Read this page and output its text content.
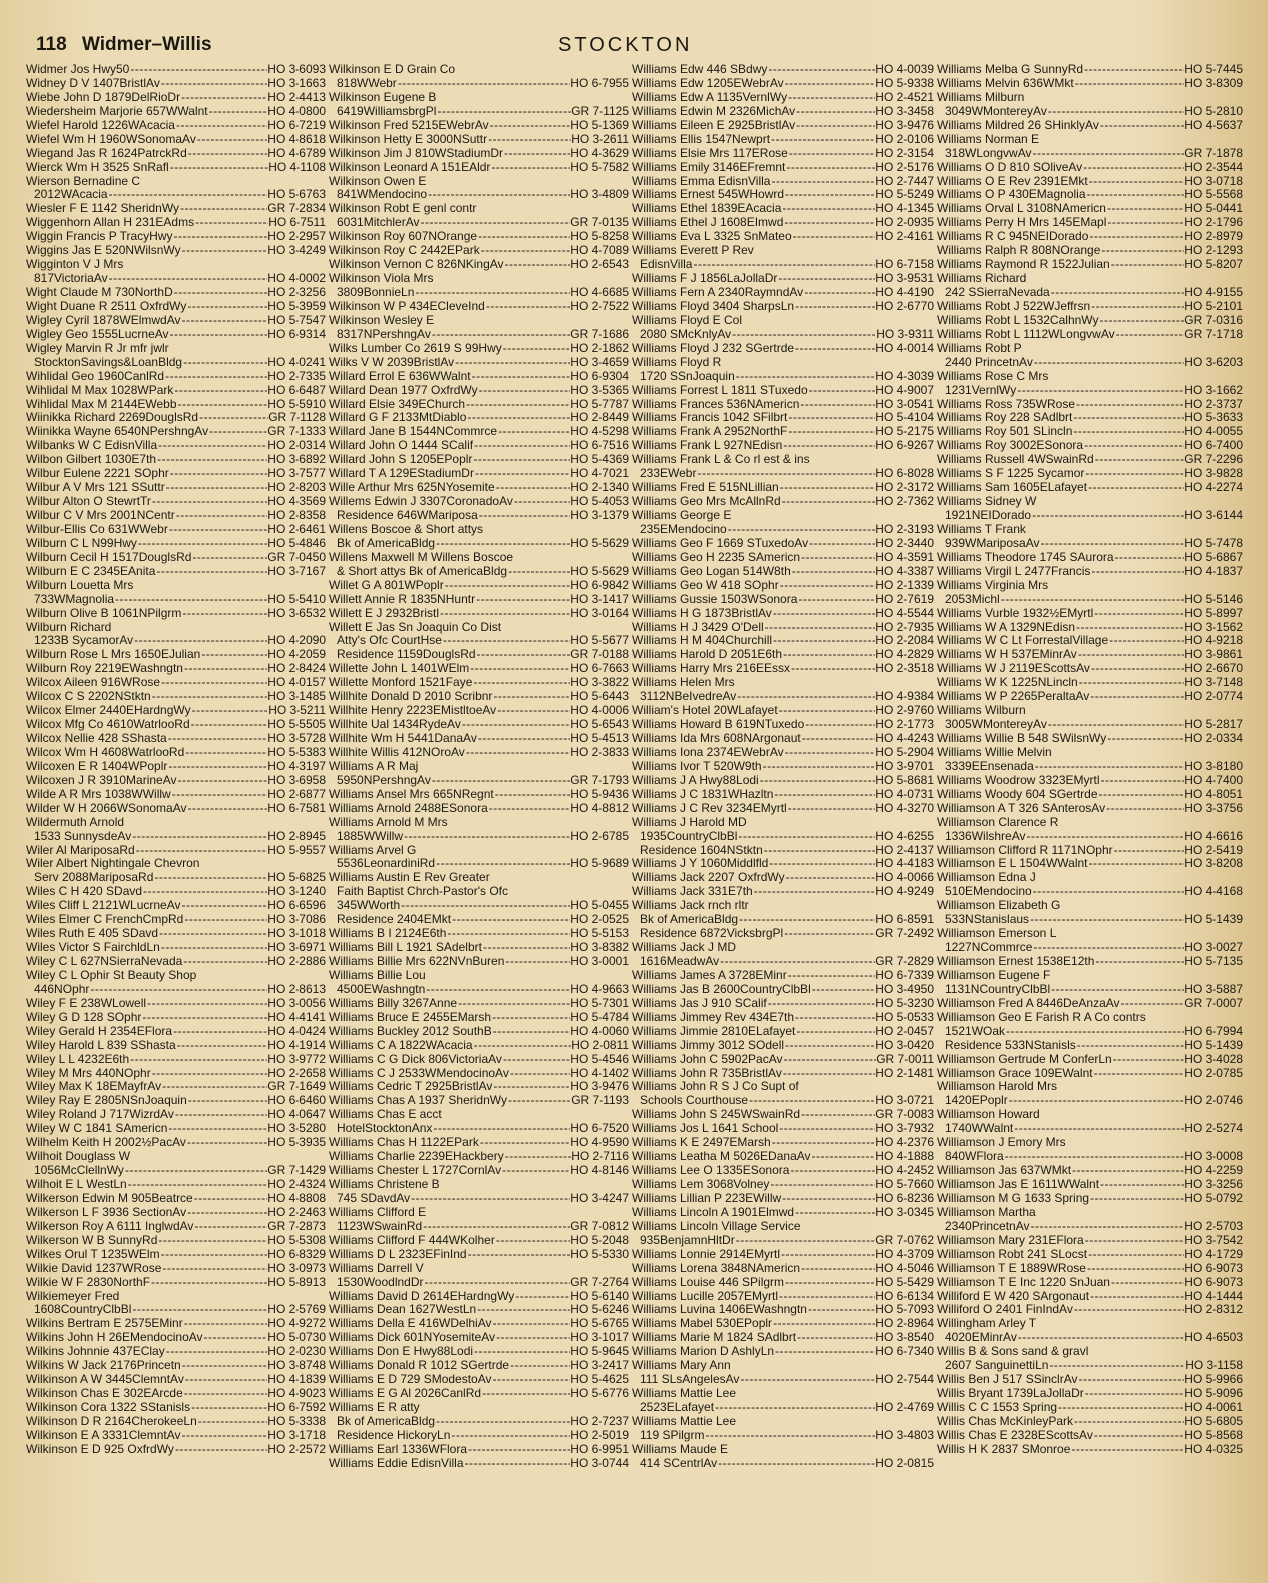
118 Widmer–Willis	STOCKTON
Widmer Jos Hwy50 -----	HO 3-6093
Widney D V 1407BristlAv -----	HO 3-1663
Wiebe John D 1879DelRioDr -----	HO 2-4413
Wiedersheim Marjorie 657WWalnt -----	HO 4-0800
Wiefel Harold 1226WAcacia -----	HO 6-7219
Wiefel Wm H 1960WSonomaAv -----	HO 4-8618
Wiegand Jas R 1624PatrckRd -----	HO 4-6789
Wierck Wm H 3525 SnRafl -----	HO 4-1108
Wierson Bernadine C
2012WAcacia -----	HO 5-6763
Wiesler F E 1142 SheridnWy -----	GR 7-2834
Wiggenhorn Allan H 231EAdms -----	HO 6-7511
Wiggin Francis P TracyHwy -----	HO 2-2957
Wiggins Jas E 520NWilsnWy -----	HO 3-4249
Wigginton V J Mrs
817VictoriaAv -----	HO 4-0002
Wight Claude M 730NorthD -----	HO 2-3256
Wight Duane R 2511 OxfrdWy -----	HO 5-3959
Wigley Cyril 1878WElmwdAv -----	HO 5-7547
Wigley Geo 1555LucrneAv -----	HO 6-9314
Wigley Marvin R Jr mfr jwlr
StocktonSavings&LoanBldg -----	HO 4-0241
Wihlidal Geo 1960CanlRd -----	HO 2-7335
Wihlidal M Max 1028WPark -----	HO 6-6487
Wihlidal Max M 2144EWebb -----	HO 5-5910
Wiinikka Richard 2269DouglsRd -----	GR 7-1128
Wiinikka Wayne 6540NPershngAv -----	GR 7-1333
Wilbanks W C EdisnVilla -----	HO 2-0314
Wilbon Gilbert 1030E7th -----	HO 3-6892
Wilbur Eulene 2221 SOphr -----	HO 3-7577
Wilbur A V Mrs 121 SSuttr -----	HO 2-8203
Wilbur Alton O StewrtTr -----	HO 4-3569
Wilbur C V Mrs 2001NCentr -----	HO 2-8358
Wilbur-Ellis Co 631WWebr -----	HO 2-6461
Wilburn C L N99Hwy -----	HO 5-4846
Wilburn Cecil H 1517DouglsRd -----	GR 7-0450
Wilburn E C 2345EAnita -----	HO 3-7167
Wilburn Louetta Mrs
733WMagnolia -----	HO 5-5410
Wilburn Olive B 1061NPilgrm -----	HO 3-6532
Wilburn Richard
1233B SycamorAv -----	HO 4-2090
Wilburn Rose L Mrs 1650EJulian -----	HO 4-2059
Wilburn Roy 2219EWashngtn -----	HO 2-8424
Wilcox Aileen 916WRose -----	HO 4-0157
Wilcox C S 2202NStktn -----	HO 3-1485
Wilcox Elmer 2440EHardngWy -----	HO 3-5211
Wilcox Mfg Co 4610WatrlooRd -----	HO 5-5505
Wilcox Nellie 428 SShasta -----	HO 3-5728
Wilcox Wm H 4608WatrlooRd -----	HO 5-5383
Wilcoxen E R 1404WPoplr -----	HO 4-3197
Wilcoxen J R 3910MarineAv -----	HO 3-6958
Wilde A R Mrs 1038WWillw -----	HO 2-6877
Wilder W H 2066WSonomaAv -----	HO 6-7581
Wildermuth Arnold
1533 SunnysdeAv -----	HO 2-8945
Wiler Al MariposaRd -----	HO 5-9557
Wiler Albert Nightingale Chevron
Serv 2088MariposaRd -----	HO 5-6825
Wiles C H 420 SDavd -----	HO 3-1240
Wiles Cliff L 2121WLucrneAv -----	HO 6-6596
Wiles Elmer C FrenchCmpRd -----	HO 3-7086
Wiles Ruth E 405 SDavd -----	HO 3-1018
Wiles Victor S FairchldLn -----	HO 3-6971
Wiley C L 627NSierraNevada -----	HO 2-2886
Wiley C L Ophir St Beauty Shop
446NOphr -----	HO 2-8613
Wiley F E 238WLowell -----	HO 3-0056
Wiley G D 128 SOphr -----	HO 4-4141
Wiley Gerald H 2354EFlora -----	HO 4-0424
Wiley Harold L 839 SShasta -----	HO 4-1914
Wiley L L 4232E6th -----	HO 3-9772
Wiley M Mrs 440NOphr -----	HO 2-2658
Wiley Max K 18EMayfrAv -----	GR 7-1649
Wiley Ray E 2805NSnJoaquin -----	HO 6-6460
Wiley Roland J 717WizrdAv -----	HO 4-0647
Wiley W C 1841 SAmericn -----	HO 3-5280
Wilhelm Keith H 2002½PacAv -----	HO 5-3935
Wilhoit Douglass W
1056McClellnWy -----	GR 7-1429
Wilhoit E L WestLn -----	HO 2-4324
Wilkerson Edwin M 905Beatrce -----	HO 4-8808
Wilkerson L F 3936 SectionAv -----	HO 2-2463
Wilkerson Roy A 6111 InglwdAv -----	GR 7-2873
Wilkerson W B SunnyRd -----	HO 5-5308
Wilkes Orul T 1235WElm -----	HO 6-8329
Wilkie David 1237WRose -----	HO 3-0973
Wilkie W F 2830NorthF -----	HO 5-8913
Wilkiemeyer Fred
1608CountryClbBl -----	HO 2-5769
Wilkins Bertram E 2575EMinr -----	HO 4-9272
Wilkins John H 26EMendocinoAv -----	HO 5-0730
Wilkins Johnnie 437EClay -----	HO 2-0230
Wilkins W Jack 2176Princetn -----	HO 3-8748
Wilkinson A W 3445ClemntAv -----	HO 4-1839
Wilkinson Chas E 302EArcde -----	HO 4-9023
Wilkinson Cora 1322 SStanisls -----	HO 6-7592
Wilkinson D R 2164CherokeeLn -----	HO 5-3338
Wilkinson E A 3331ClemntAv -----	HO 3-1718
Wilkinson E D 925 OxfrdWy -----	HO 2-2572
Wilkinson E D Grain Co
818WWebr -----	HO 6-7955
Wilkinson Eugene B
6419WilliamsbrgPl -----	GR 7-1125
Wilkinson Fred 5215EWebrAv -----	HO 5-1369
Wilkinson Hetty E 3000NSuttr -----	HO 3-2611
Wilkinson Jim J 810WStadiumDr -----	HO 4-3629
Wilkinson Leonard A 151EAldr -----	HO 5-7582
Wilkinson Owen E
841WMendocino -----	HO 3-4809
Wilkinson Robt E genl contr
6031MitchlerAv -----	GR 7-0135
Wilkinson Roy 607NOrange -----	HO 5-8258
Wilkinson Roy C 2442EPark -----	HO 4-7089
Wilkinson Vernon C 826NKingAv -----	HO 2-6543
Wilkinson Viola Mrs
3809BonnieLn -----	HO 4-6685
Wilkinson W P 434ECleveInd -----	HO 2-7522
Wilkinson Wesley E
8317NPershngAv -----	GR 7-1686
Wilks Lumber Co 2619 S 99Hwy -----	HO 2-1862
Wilks V W 2039BristlAv -----	HO 3-4659
Willard Errol E 636WWalnt -----	HO 6-9304
Willard Dean 1977 OxfrdWy -----	HO 3-5365
Willard Elsie 349EChurch -----	HO 5-7787
Willard G F 2133MtDiablo -----	HO 2-8449
Willard Jane B 1544NCommrce -----	HO 4-5298
Willard John O 1444 SCalif -----	HO 6-7516
Willard John S 1205EPoplr -----	HO 5-4369
Willard T A 129EStadiumDr -----	HO 4-7021
Wille Arthur Mrs 625NYosemite -----	HO 2-1340
Willems Edwin J 3307CoronadoAv -----	HO 5-4053
Residence 646WMariposa -----	HO 3-1379
Willens Boscoe & Short attys
Bk of AmericaBldg -----	HO 5-5629
Willens Maxwell M Willens Boscoe
& Short attys Bk of AmericaBldg -----	HO 5-5629
Willet G A 801WPoplr -----	HO 6-9842
Willett Annie R 1835NHuntr -----	HO 3-1417
Willett E J 2932Bristl -----	HO 3-0164
Willett E Jas Sn Joaquin Co Dist
Atty's Ofc CourtHse -----	HO 5-5677
Residence 1159DouglsRd -----	GR 7-0188
Willette John L 1401WElm -----	HO 6-7663
Willette Monford 1521Faye -----	HO 3-3822
Willhite Donald D 2010 Scribnr -----	HO 5-6443
Willhite Henry 2223EMistltoeAv -----	HO 4-0006
Willhite Ual 1434RydeAv -----	HO 5-6543
Willhite Wm H 5441DanaAv -----	HO 5-4513
Willhite Willis 412NOroAv -----	HO 2-3833
Williams A R Maj
5950NPershngAv -----	GR 7-1793
Williams Ansel Mrs 665NRegnt -----	HO 5-9436
Williams Arnold 2488ESonora -----	HO 4-8812
Williams Arnold M Mrs
1885WWillw -----	HO 2-6785
Williams Arvel G
5536LeonardiniRd -----	HO 5-9689
Williams Austin E Rev Greater
Faith Baptist Chrch-Pastor's Ofc
345WWorth -----	HO 5-0455
Residence 2404EMkt -----	HO 2-0525
Williams B I 2124E6th -----	HO 5-5153
Williams Bill L 1921 SAdelbrt -----	HO 3-8382
Williams Billie Mrs 622NVnBuren -----	HO 3-0001
Williams Billie Lou
4500EWashngtn -----	HO 4-9663
Williams Billy 3267Anne -----	HO 5-7301
Williams Bruce E 2455EMarsh -----	HO 5-4784
Williams Buckley 2012 SouthB -----	HO 4-0060
Williams C A 1822WAcacia -----	HO 2-0811
Williams C G Dick 806VictoriaAv -----	HO 5-4546
Williams C J 2533WMendocinoAv -----	HO 4-1402
Williams Cedric T 2925BristlAv -----	HO 3-9476
Williams Chas A 1937 SheridnWy -----	GR 7-1193
Williams Chas E acct
HotelStocktonAnx -----	HO 6-7520
Williams Chas H 1122EPark -----	HO 4-9590
Williams Charlie 2239EHackbery -----	HO 2-7116
Williams Chester L 1727CornlAv -----	HO 4-8146
Williams Christene B
745 SDavdAv -----	HO 3-4247
Williams Clifford E
1123WSwainRd -----	GR 7-0812
Williams Clifford F 444WKolher -----	HO 5-2048
Williams D L 2323EFinInd -----	HO 5-5330
Williams Darrell V
1530WoodlndDr -----	GR 7-2764
Williams David D 2614EHardngWy -----	HO 5-6140
Williams Dean 1627WestLn -----	HO 5-6246
Williams Della E 416WDelhiAv -----	HO 5-6765
Williams Dick 601NYosemiteAv -----	HO 3-1017
Williams Don E Hwy88Lodi -----	HO 5-9645
Williams Donald R 1012 SGertrde -----	HO 3-2417
Williams E D 729 SModestoAv -----	HO 5-4625
Williams E G Al 2026CanlRd -----	HO 5-6776
Williams E R atty
Bk of AmericaBldg -----	HO 2-7237
Residence HickoryLn -----	HO 2-5019
Williams Earl 1336WFlora -----	HO 6-9951
Williams Eddie EdisnVilla -----	HO 3-0744
Williams Edw 446 SBdwy -----	HO 4-0039
Williams Edw 1205EWebrAv -----	HO 5-9338
Williams Edw A 1135VernlWy -----	HO 2-4521
Williams Edwin M 2326MichAv -----	HO 3-3458
Williams Eileen E 2925BristlAv -----	HO 3-9476
Williams Ellis 1547Newprt -----	HO 2-0106
Williams Elsie Mrs 117ERose -----	HO 2-3154
Williams Emily 3146EFremnt -----	HO 2-5176
Williams Emma EdisnVilla -----	HO 2-7447
Williams Ernest 545WHowrd -----	HO 5-5249
Williams Ethel 1839EAcacia -----	HO 4-1345
Williams Ethel J 1608EImwd -----	HO 2-0935
Williams Eva L 3325 SnMateo -----	HO 2-4161
Williams Everett P Rev
EdisnVilla -----	HO 6-7158
Williams F J 1856LaJollaDr -----	HO 3-9531
Williams Fern A 2340RaymndAv -----	HO 4-4190
Williams Floyd 3404 SharpsLn -----	HO 2-6770
Williams Floyd E Col
2080 SMcKnlyAv -----	HO 3-9311
Williams Floyd J 232 SGertrde -----	HO 4-0014
Williams Floyd R
1720 SSnJoaquin -----	HO 4-3039
Williams Forrest L 1811 STuxedo -----	HO 4-9007
Williams Frances 536NAmericn -----	HO 3-0541
Williams Francis 1042 SFilbrt -----	HO 5-4104
Williams Frank A 2952NorthF -----	HO 5-2175
Williams Frank L 927NEdisn -----	HO 6-9267
Williams Frank L & Co rl est & ins
233EWebr -----	HO 6-8028
Williams Fred E 515NLillian -----	HO 2-3172
Williams Geo Mrs McAllnRd -----	HO 2-7362
Williams George E
235EMendocino -----	HO 2-3193
Williams Geo F 1669 STuxedoAv -----	HO 2-3440
Williams Geo H 2235 SAmericn -----	HO 4-3591
Williams Geo Logan 514W8th -----	HO 4-3387
Williams Geo W 418 SOphr -----	HO 2-1339
Williams Gussie 1503WSonora -----	HO 2-7619
Williams H G 1873BristlAv -----	HO 4-5544
Williams H J 3429 O'Dell -----	HO 2-7935
Williams H M 404Churchill -----	HO 2-2084
Williams Harold D 2051E6th -----	HO 4-2829
Williams Harry Mrs 216EEssx -----	HO 2-3518
Williams Helen Mrs
3112NBeIvedreAv -----	HO 4-9384
William's Hotel 20WLafayet -----	HO 2-9760
Williams Howard B 619NTuxedo -----	HO 2-1773
Williams Ida Mrs 608NArgonaut -----	HO 4-4243
Williams Iona 2374EWebrAv -----	HO 5-2904
Williams Ivor T 520W9th -----	HO 3-9701
Williams J A Hwy88Lodi -----	HO 5-8681
Williams J C 1831WHazltn -----	HO 4-0731
Williams J C Rev 3234EMyrtl -----	HO 4-3270
Williams J Harold MD
1935CountryClbBl -----	HO 4-6255
Residence 1604NStktn -----	HO 2-4137
Williams J Y 1060Middlfld -----	HO 4-4183
Williams Jack 2207 OxfrdWy -----	HO 4-0066
Williams Jack 331E7th -----	HO 4-9249
Williams Jack rnch rltr
Bk of AmericaBldg -----	HO 6-8591
Residence 6872VicksbrgPl -----	GR 7-2492
Williams Jack J MD
1616MeadwAv -----	GR 7-2829
Williams James A 3728EMinr -----	HO 6-7339
Williams Jas B 2600CountryClbBl -----	HO 3-4950
Williams Jas J 910 SCalif -----	HO 5-3230
Williams Jimmey Rev 434E7th -----	HO 5-0533
Williams Jimmie 2810ELafayet -----	HO 2-0457
Williams Jimmy 3012 SOdell -----	HO 3-0420
Williams John C 5902PacAv -----	GR 7-0011
Williams John R 735BristlAv -----	HO 2-1481
Williams John R S J Co Supt of
Schools Courthouse -----	HO 3-0721
Williams John S 245WSwainRd -----	GR 7-0083
Williams Jos L 1641 School -----	HO 3-7932
Williams K E 2497EMarsh -----	HO 4-2376
Williams Leatha M 5026EDanaAv -----	HO 4-1888
Williams Lee O 1335ESonora -----	HO 4-2452
Williams Lem 3068Volney -----	HO 5-7660
Williams Lillian P 223EWillw -----	HO 6-8236
Williams Lincoln A 1901Elmwd -----	HO 3-0345
Williams Lincoln Village Service
935BenjamnHltDr -----	GR 7-0762
Williams Lonnie 2914EMyrtl -----	HO 4-3709
Williams Lorena 3848NAmericn -----	HO 4-5046
Williams Louise 446 SPilgrm -----	HO 5-5429
Williams Lucille 2057EMyrtl -----	HO 6-6134
Williams Luvina 1406EWashngtn -----	HO 5-7093
Williams Mabel 530EPoplr -----	HO 2-8964
Williams Marie M 1824 SAdlbrt -----	HO 3-8540
Williams Marion D AshlyLn -----	HO 6-7340
Williams Mary Ann
111 SLsAngelesAv -----	HO 2-7544
Williams Mattie Lee
2523ELafayet -----	HO 2-4769
Williams Mattie Lee
119 SPilgrm -----	HO 3-4803
Williams Maude E
414 SCentrlAv -----	HO 2-0815
Williams Melba G SunnyRd -----	HO 5-7445
Williams Melvin 636WMkt -----	HO 3-8309
Williams Milburn
3049WMontereyAv -----	HO 5-2810
Williams Mildred 26 SHinklyAv -----	HO 4-5637
Williams Norman E
318WLongvwAv -----	GR 7-1878
Williams O D 810 SOliveAv -----	HO 2-3544
Williams O E Rev 2391EMkt -----	HO 3-0718
Williams O P 430EMagnolia -----	HO 5-5568
Williams Orval L 3108NAmericn -----	HO 5-0441
Williams Perry H Mrs 145EMapl -----	HO 2-1796
Williams R C 945NEIDorado -----	HO 2-8979
Williams Ralph R 808NOrange -----	HO 2-1293
Williams Raymond R 1522Julian -----	HO 5-8207
Williams Richard
242 SSierraNevada -----	HO 4-9155
Williams Robt J 522WJeffrsn -----	HO 5-2101
Williams Robt L 1532CalhnWy -----	GR 7-0316
Williams Robt L 1112WLongvwAv -----	GR 7-1718
Williams Robt P
2440 PrincetnAv -----	HO 3-6203
Williams Rose C Mrs
1231VernlWy -----	HO 3-1662
Williams Ross 735WRose -----	HO 2-3737
Williams Roy 228 SAdlbrt -----	HO 5-3633
Williams Roy 501 SLincln -----	HO 4-0055
Williams Roy 3002ESonora -----	HO 6-7400
Williams Russell 4WSwainRd -----	GR 7-2296
Williams S F 1225 Sycamor -----	HO 3-9828
Williams Sam 1605ELafayet -----	HO 4-2274
Williams Sidney W
1921NEIDorado -----	HO 3-6144
Williams T Frank
939WMariposaAv -----	HO 5-7478
Williams Theodore 1745 SAurora -----	HO 5-6867
Williams Virgil L 2477Francis -----	HO 4-1837
Williams Virginia Mrs
2053Michl -----	HO 5-5146
Williams Vurble 1932½EMyrtl -----	HO 5-8997
Williams W A 1329NEdisn -----	HO 3-1562
Williams W C Lt ForrestalVillage -----	HO 4-9218
Williams W H 537EMinrAv -----	HO 3-9861
Williams W J 2119EScottsAv -----	HO 2-6670
Williams W K 1225NLincln -----	HO 3-7148
Williams W P 2265PeraltaAv -----	HO 2-0774
Williams Wilburn
3005WMontereyAv -----	HO 5-2817
Williams Willie B 548 SWilsnWy -----	HO 2-0334
Williams Willie Melvin
3339EEnsenada -----	HO 3-8180
Williams Woodrow 3323EMyrtl -----	HO 4-7400
Williams Woody 604 SGertrde -----	HO 4-8051
Williamson A T 326 SAnterosAv -----	HO 3-3756
Williamson Clarence R
1336WilshreAv -----	HO 4-6616
Williamson Clifford R 1171NOphr -----	HO 2-5419
Williamson E L 1504WWalnt -----	HO 3-8208
Williamson Edna J
510EMendocino -----	HO 4-4168
Williamson Elizabeth G
533NStanislaus -----	HO 5-1439
Williamson Emerson L
1227NCommrce -----	HO 3-0027
Williamson Ernest 1538E12th -----	HO 5-7135
Williamson Eugene F
1131NCountryClbBl -----	HO 3-5887
Williamson Fred A 8446DeAnzaAv -----	GR 7-0007
Williamson Geo E Farish R A Co contrs
1521WOak -----	HO 6-7994
Residence 533NStanisls -----	HO 5-1439
Williamson Gertrude M ConferLn -----	HO 3-4028
Williamson Grace 109EWalnt -----	HO 2-0785
Williamson Harold Mrs
1420EPoplr -----	HO 2-0746
Williamson Howard
1740WWalnt -----	HO 2-5274
Williamson J Emory Mrs
840WFlora -----	HO 3-0008
Williamson Jas 637WMkt -----	HO 4-2259
Williamson Jas E 1611WWalnt -----	HO 3-3256
Williamson M G 1633 Spring -----	HO 5-0792
Williamson Martha
2340PrincetnAv -----	HO 2-5703
Williamson Mary 231EFlora -----	HO 3-7542
Williamson Robt 241 SLocst -----	HO 4-1729
Williamson T E 1889WRose -----	HO 6-9073
Williamson T E Inc 1220 SnJuan -----	HO 6-9073
Williford E W 420 SArgonaut -----	HO 4-1444
Williford O 2401 FinIndAv -----	HO 2-8312
Willingham Arley T
4020EMinrAv -----	HO 4-6503
Willis B & Sons sand & gravl
2607 SanguinettiLn -----	HO 3-1158
Willis Ben J 517 SSinclrAv -----	HO 5-9966
Willis Bryant 1739LaJollaDr -----	HO 5-9096
Willis C C 1553 Spring -----	HO 4-0061
Willis Chas McKinleyPark -----	HO 5-6805
Willis Chas E 2328EScottsAv -----	HO 5-8568
Willis H K 2837 SMonroe -----	HO 4-0325
